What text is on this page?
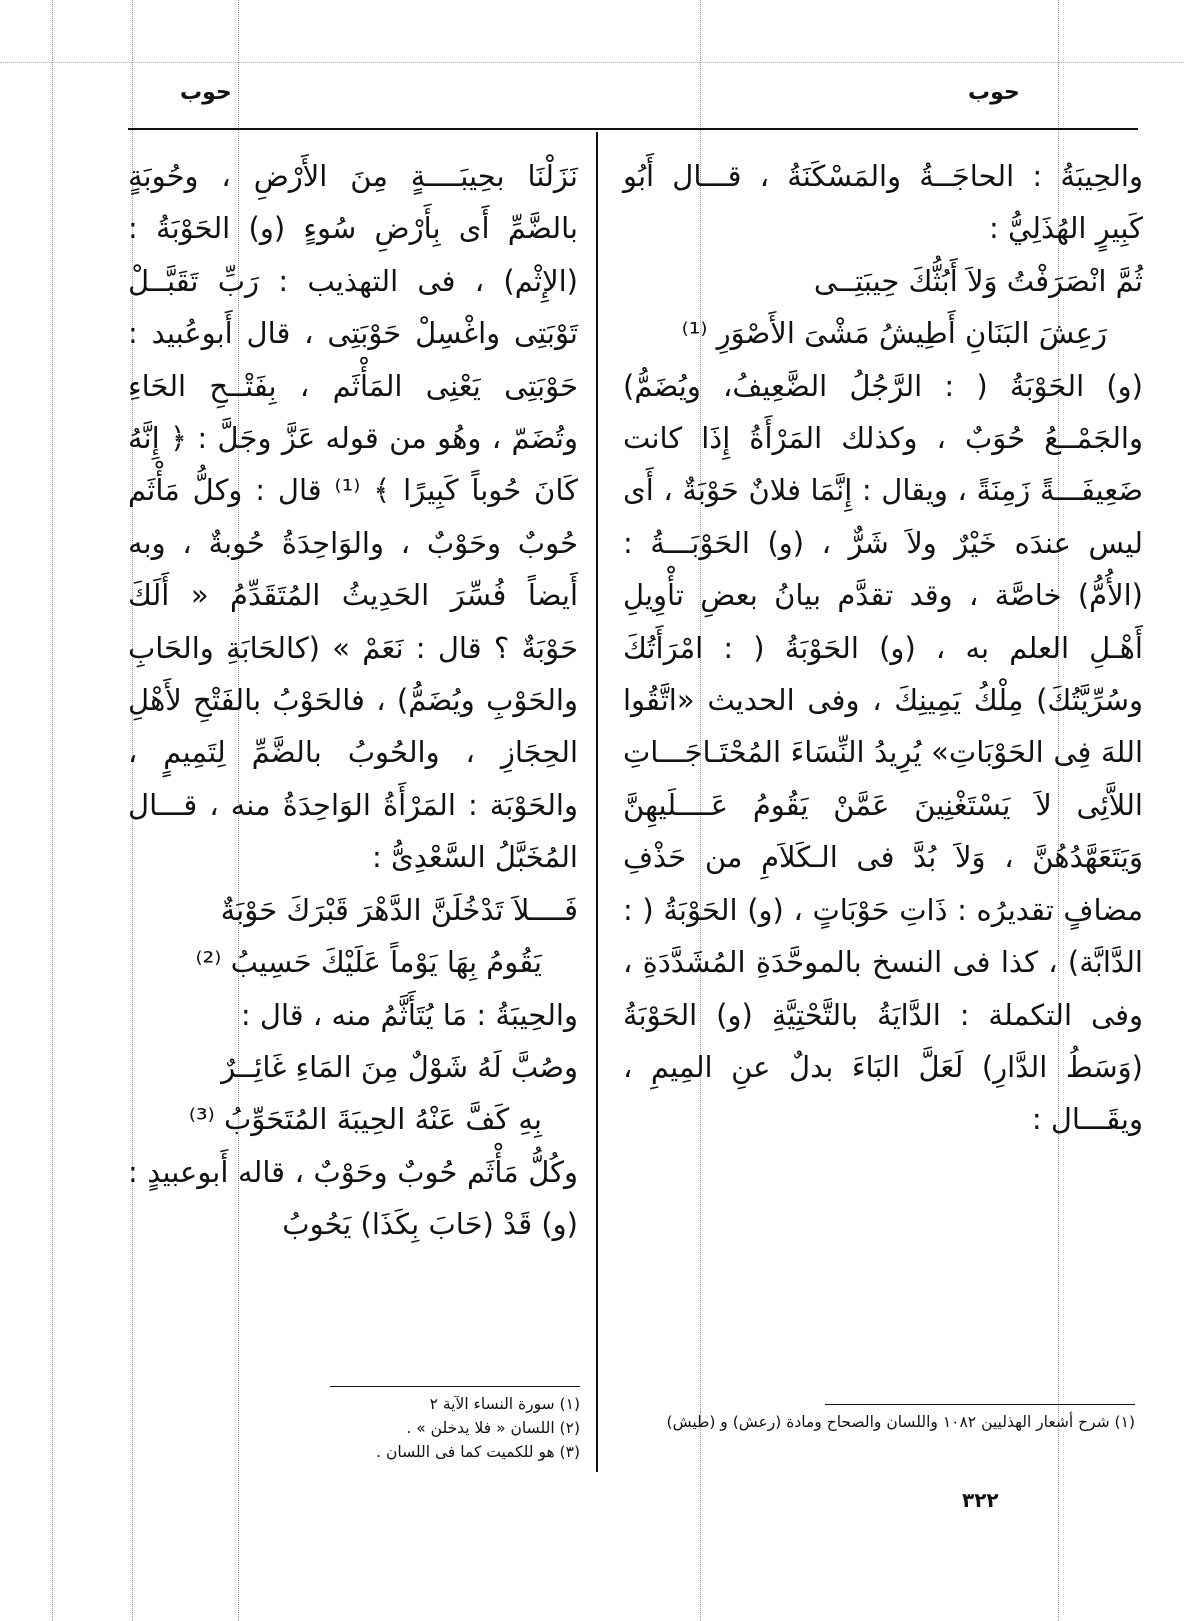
حوب	حوب

والحِيبَةُ : الحاجَــةُ والمَسْكَنَةُ ، قـــال أَبُو كَبِيرٍ الهُذَلِيُّ :

ثُمَّ انْصَرَفْتُ وَلاَ أَبُثُّكَ حِيبَتِــى
رَعِشَ البَنَانِ أَطِيشُ مَشْىَ الأَصْوَرِ ⁽¹⁾

(و) الحَوْبَةُ ( : الرَّجُلُ الضَّعِيفُ، ويُضَمُّ) والجَمْــعُ حُوَبٌ ، وكذلك المَرْأَةُ إِذَا كانت ضَعِيفَـــةً زَمِنَةً ، ويقال : إِنَّمَا فلانٌ حَوْبَةٌ ، أَى ليس عندَه خَيْرٌ ولاَ شَرٌّ ، (و) الحَوْبَـــةُ : (الأُمُّ) خاصَّة ، وقد تقدَّم بيانُ بعضِ تأْوِيلِ أَهْـلِ العلم به ، (و) الحَوْبَةُ ( : امْرَأَتُكَ وسُرِّيَّتُكَ) مِلْكُ يَمِينِكَ ، وفى الحديث «اتَّقُوا اللهَ فِى الحَوْبَاتِ» يُرِيدُ النِّسَاءَ المُحْتَـاجَـــاتِ اللاَّئِى لاَ يَسْتَغْنِينَ عَمَّنْ يَقُومُ عَــــلَيهِنَّ وَيَتَعَهَّدُهُنَّ ، وَلاَ بُدَّ فى الـكَلاَمِ من حَذْفِ مضافٍ تقديرُه : ذَاتِ حَوْبَاتٍ ، (و) الحَوْبَةُ ( : الدَّابَّة) ، كذا فى النسخ بالموحَّدَةِ المُشَدَّدَةِ ، وفى التكملة : الدَّايَةُ بالتَّحْتِيَّةِ (و) الحَوْبَةُ (وَسَطُ الدَّارِ) لَعَلَّ البَاءَ بدلٌ عنِ المِيمِ ، ويقَـــال :

نَزَلْنَا بحِيبَــــةٍ مِنَ الأَرْضِ ، وحُوبَةٍ بالضَّمِّ أَى بِأَرْضِ سُوءٍ (و) الحَوْبَةُ : (الإِثْم) ، فى التهذيب : رَبِّ تَقَبَّــلْ تَوْبَتِى واغْسِلْ حَوْبَتِى ، قال أَبوعُبيد : حَوْبَتِى يَعْنِى المَأْثَم ، بِفَتْــحِ الحَاءِ وتُضَمّ ، وهُو من قوله عَزَّ وجَلَّ : ﴿ إِنَّهُ كَانَ حُوباً كَبِيرًا ﴾ ⁽¹⁾ قال : وكلُّ مَأْثَم حُوبٌ وحَوْبٌ ، والوَاحِدَةُ حُوبةٌ ، وبه أَيضاً فُسِّرَ الحَدِيثُ المُتَقَدِّمُ « أَلَكَ حَوْبَةٌ ؟ قال : نَعَمْ » (كالحَابَةِ والحَابِ والحَوْبِ ويُضَمُّ) ، فالحَوْبُ بالفَتْحِ لأَهْلِ الحِجَازِ ، والحُوبُ بالضَّمِّ لِتَمِيمٍ ، والحَوْبَة : المَرْأَةُ الوَاحِدَةُ منه ، قـــال المُخَبَّلُ السَّعْدِىُّ :

فَــــلاَ تَدْخُلَنَّ الدَّهْرَ قَبْرَكَ حَوْبَةٌ
يَقُومُ بِهَا يَوْماً عَلَيْكَ حَسِيبُ ⁽²⁾

والحِيبَةُ : مَا يُتَأَثَّمُ منه ، قال :

وصُبَّ لَهُ شَوْلٌ مِنَ المَاءِ غَائِــرٌ
بِهِ كَفَّ عَنْهُ الحِيبَةَ المُتَحَوِّبُ ⁽³⁾

وكُلُّ مَأْثَم حُوبٌ وحَوْبٌ ، قاله أَبوعبيدٍ : (و) قَدْ (حَابَ بِكَذَا) يَحُوبُ

(١) شرح أشعار الهذليين ١٠٨٢ واللسان والصحاح ومادة (رعش) و (طيش)

(١) سورة النساء الآية ٢

(٢) اللسان « فلا يدخلن » .

(٣) هو للكميت كما فى اللسان .

٣٢٢
